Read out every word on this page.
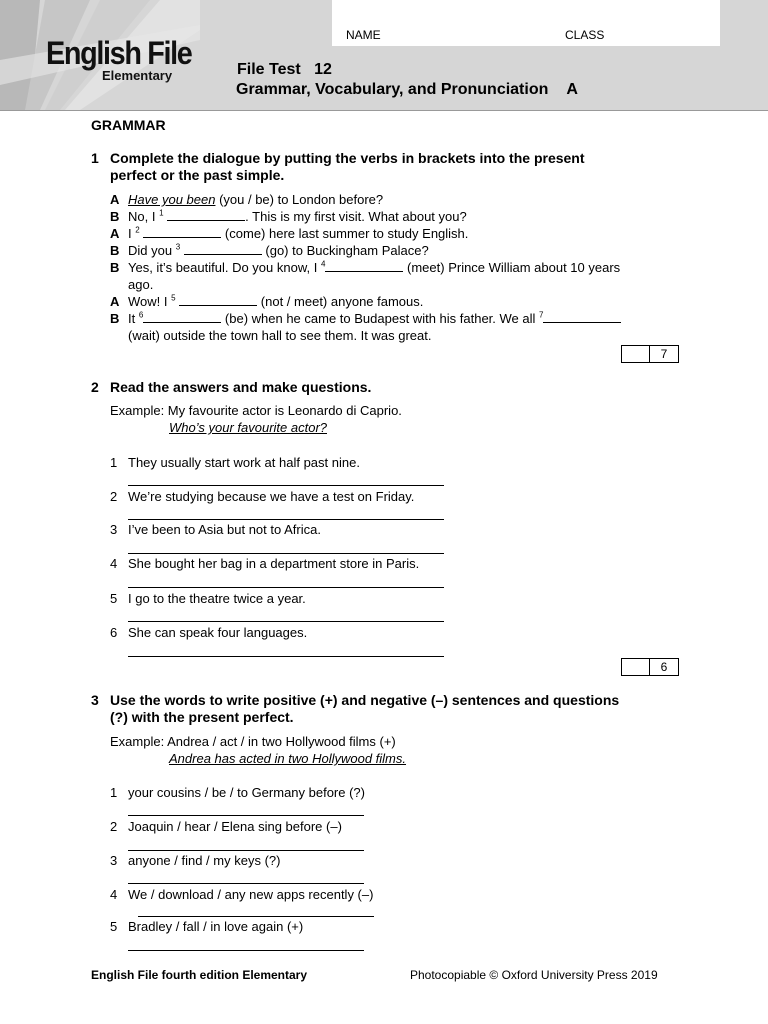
English File
Elementary
NAME	CLASS
File Test 12
Grammar, Vocabulary, and Pronunciation A
GRAMMAR
1 Complete the dialogue by putting the verbs in brackets into the present
perfect or the past simple.
A Have you been (you / be) to London before?
B No, I $^1$	. This is my first visit. What about you?
A I $^2$	(come) here last summer to study English.
B Did you $^3$	(go) to Buckingham Palace?
B Yes, it’s beautiful. Do you know, I $^4$	(meet) Prince William about 10 years
ago.
A Wow! I $^5$	(not / meet) anyone famous.
B It $^6$	(be) when he came to Budapest with his father. We all $^7$
(wait) outside the town hall to see them. It was great.
7
2 Read the answers and make questions.
Example: My favourite actor is Leonardo di Caprio.
Who’s your favourite actor?
1 They usually start work at half past nine.
2 We’re studying because we have a test on Friday.
3 I’ve been to Asia but not to Africa.
4 She bought her bag in a department store in Paris.
5 I go to the theatre twice a year.
6 She can speak four languages.
6
3 Use the words to write positive (+) and negative (–) sentences and questions
(?) with the present perfect.
Example: Andrea / act / in two Hollywood films (+)
Andrea has acted in two Hollywood films.
1 your cousins / be / to Germany before (?)
2 Joaquin / hear / Elena sing before (–)
3 anyone / find / my keys (?)
4 We / download / any new apps recently (–)
5 Bradley / fall / in love again (+)
English File fourth edition Elementary	Photocopiable © Oxford University Press 2019
